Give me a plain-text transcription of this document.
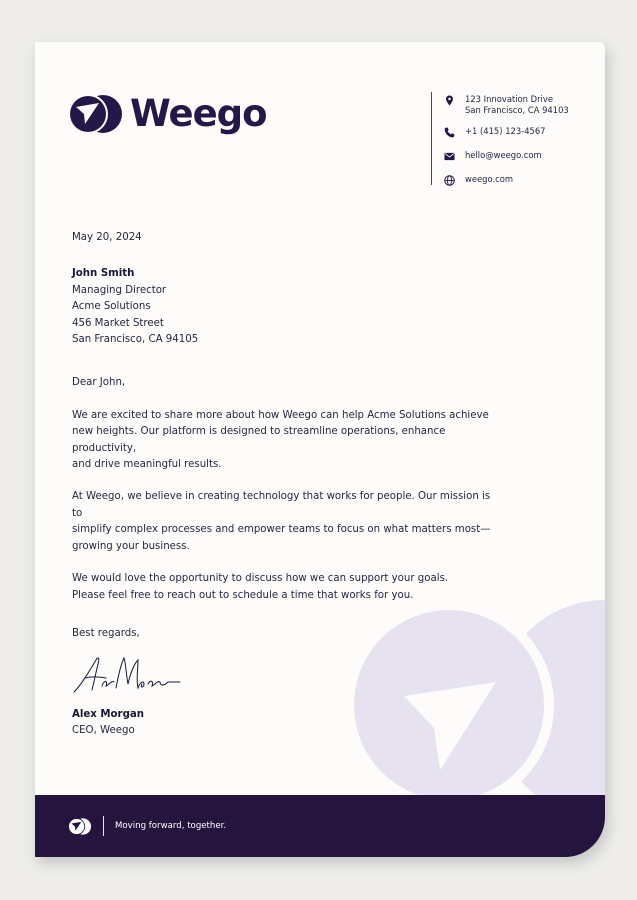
Weego	123 Innovation Drive
San Francisco, CA 94103
+1 (415) 123-4567
hello@weego.com
weego.com
May 20, 2024
John Smith
Managing Director
Acme Solutions
456 Market Street
San Francisco, CA 94105
Dear John,
We are excited to share more about how Weego can help Acme Solutions achieve
new heights. Our platform is designed to streamline operations, enhance productivity,
and drive meaningful results.
At Weego, we believe in creating technology that works for people. Our mission is to
simplify complex processes and empower teams to focus on what matters most—
growing your business.
We would love the opportunity to discuss how we can support your goals.
Please feel free to reach out to schedule a time that works for you.
Best regards,
Alex Morgan
CEO, Weego
Moving forward, together.
